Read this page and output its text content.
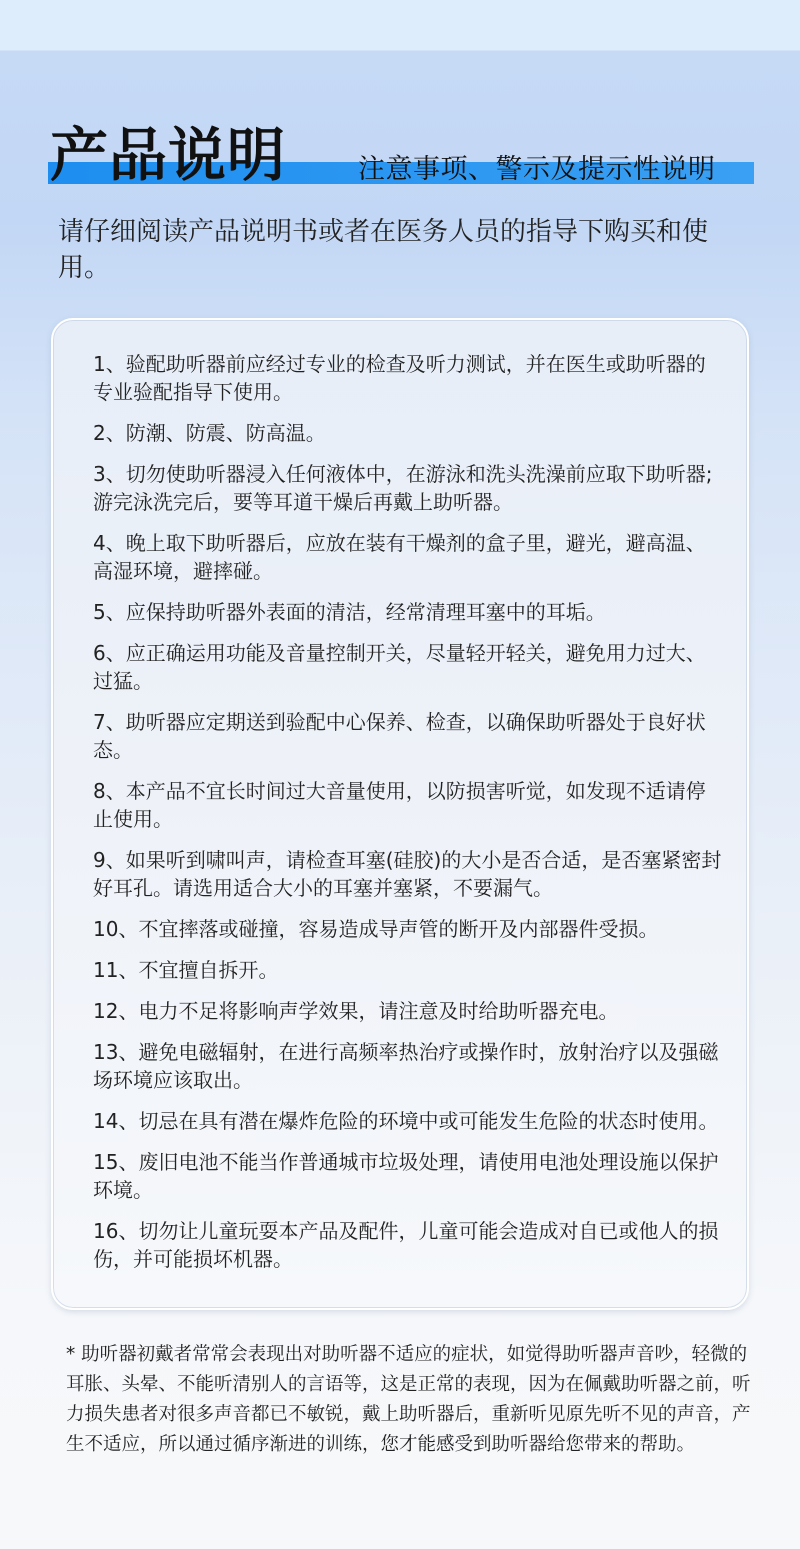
产品说明	注意事项、警示及提示性说明

请仔细阅读产品说明书或者在医务人员的指导下购买和使用。

1、验配助听器前应经过专业的检查及听力测试，并在医生或助听器的专业验配指导下使用。
2、防潮、防震、防高温。
3、切勿使助听器浸入任何液体中，在游泳和洗头洗澡前应取下助听器;游完泳洗完后，要等耳道干燥后再戴上助听器。
4、晚上取下助听器后，应放在装有干燥剂的盒子里，避光，避高温、高湿环境，避摔碰。
5、应保持助听器外表面的清洁，经常清理耳塞中的耳垢。
6、应正确运用功能及音量控制开关，尽量轻开轻关，避免用力过大、过猛。
7、助听器应定期送到验配中心保养、检查，以确保助听器处于良好状态。
8、本产品不宜长时间过大音量使用，以防损害听觉，如发现不适请停止使用。
9、如果听到啸叫声，请检查耳塞(硅胶)的大小是否合适，是否塞紧密封好耳孔。请选用适合大小的耳塞并塞紧，不要漏气。
10、不宜摔落或碰撞，容易造成导声管的断开及内部器件受损。
11、不宜擅自拆开。
12、电力不足将影响声学效果，请注意及时给助听器充电。
13、避免电磁辐射，在进行高频率热治疗或操作时，放射治疗以及强磁场环境应该取出。
14、切忌在具有潜在爆炸危险的环境中或可能发生危险的状态时使用。
15、废旧电池不能当作普通城市垃圾处理，请使用电池处理设施以保护环境。
16、切勿让儿童玩耍本产品及配件，儿童可能会造成对自已或他人的损伤，并可能损坏机器。

* 助听器初戴者常常会表现出对助听器不适应的症状，如觉得助听器声音吵，轻微的耳胀、头晕、不能听清别人的言语等，这是正常的表现，因为在佩戴助听器之前，听力损失患者对很多声音都已不敏锐，戴上助听器后，重新听见原先听不见的声音，产生不适应，所以通过循序渐进的训练，您才能感受到助听器给您带来的帮助。
